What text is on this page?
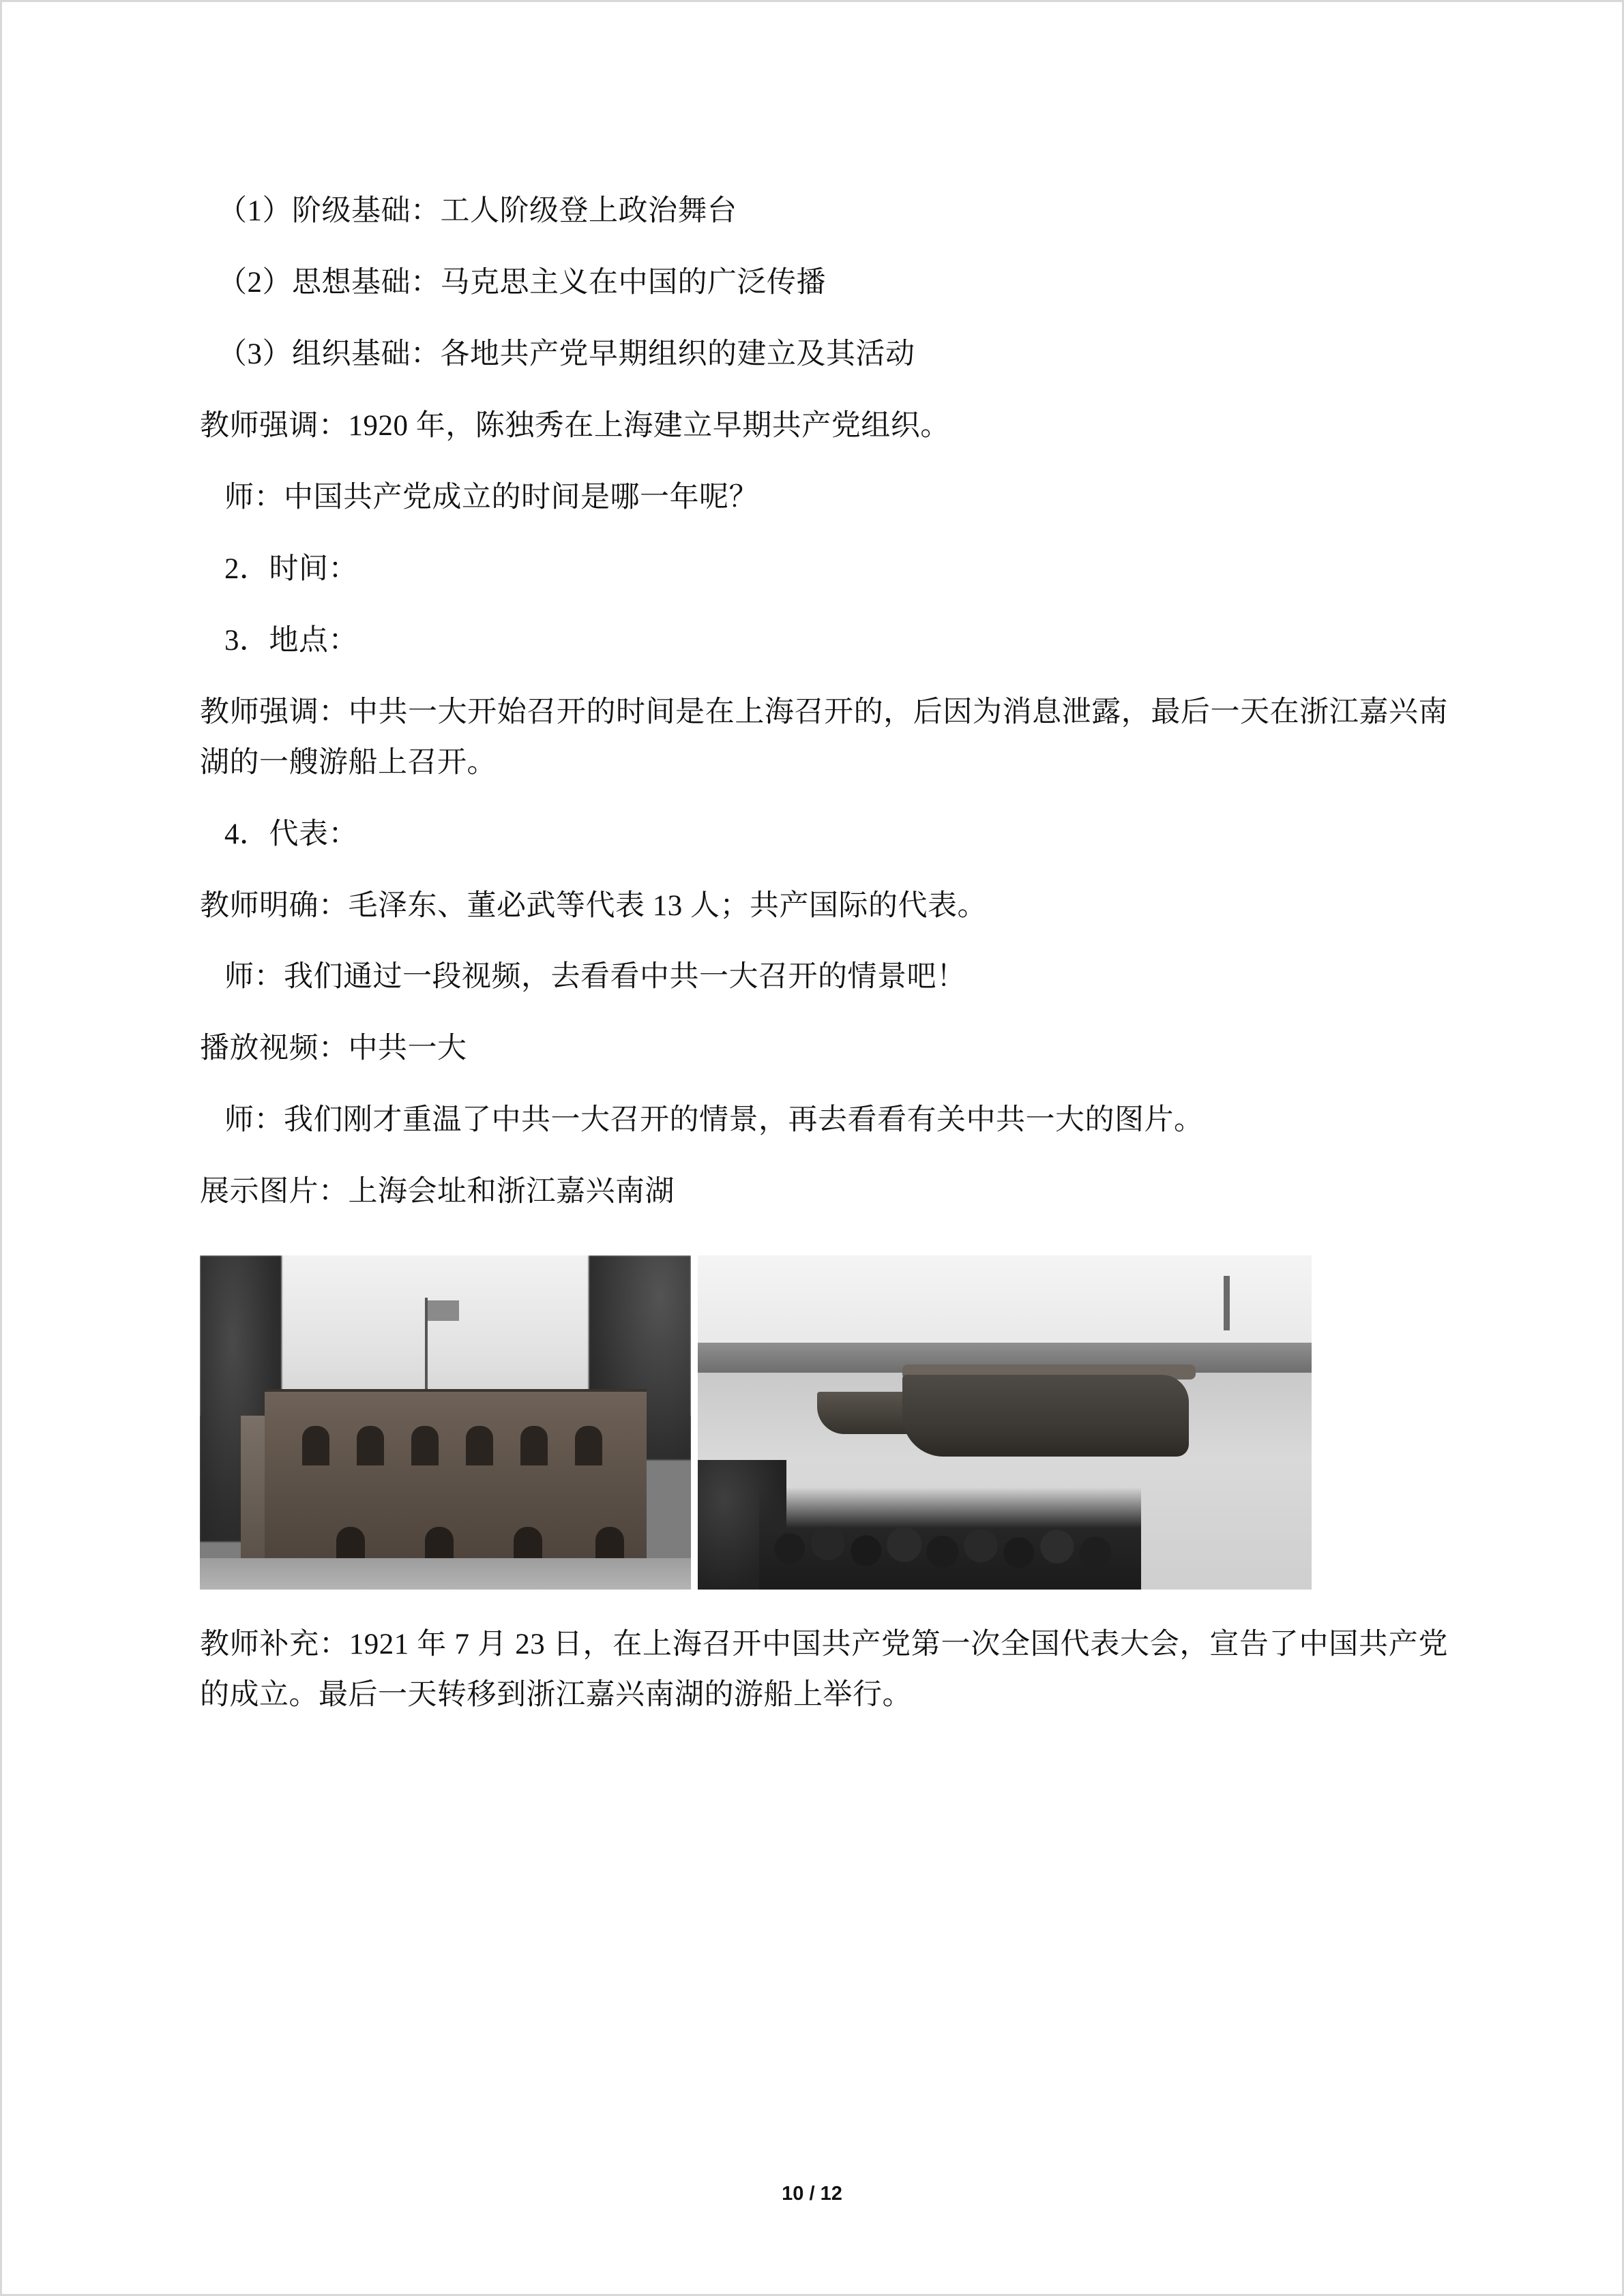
（1）阶级基础：工人阶级登上政治舞台

（2）思想基础：马克思主义在中国的广泛传播

（3）组织基础：各地共产党早期组织的建立及其活动

教师强调：1920 年，陈独秀在上海建立早期共产党组织。

师：中国共产党成立的时间是哪一年呢？

2．时间：

3．地点：

教师强调：中共一大开始召开的时间是在上海召开的，后因为消息泄露，最后一天在浙江嘉兴南湖的一艘游船上召开。

4．代表：

教师明确：毛泽东、董必武等代表 13 人；共产国际的代表。

师：我们通过一段视频，去看看中共一大召开的情景吧！

播放视频：中共一大

师：我们刚才重温了中共一大召开的情景，再去看看有关中共一大的图片。

展示图片：上海会址和浙江嘉兴南湖

教师补充：1921 年 7 月 23 日，在上海召开中国共产党第一次全国代表大会，宣告了中国共产党的成立。最后一天转移到浙江嘉兴南湖的游船上举行。

10 / 12
